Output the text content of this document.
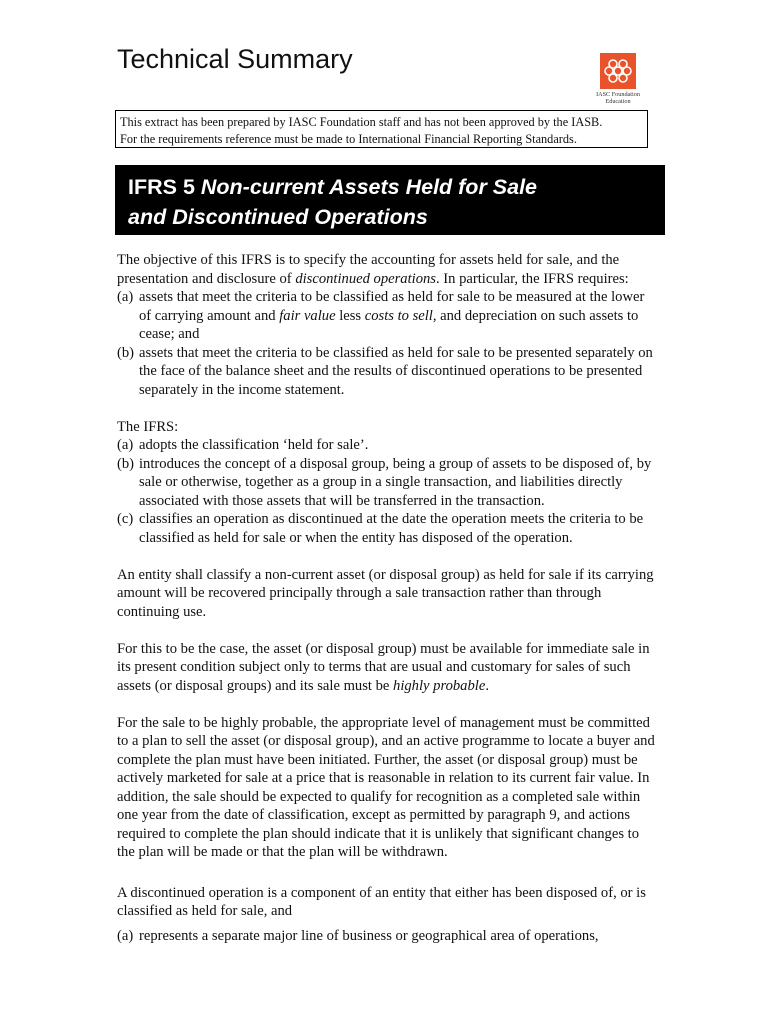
Technical Summary
IASC Foundation
Education
This extract has been prepared by IASC Foundation staff and has not been approved by the IASB.
For the requirements reference must be made to International Financial Reporting Standards.
IFRS 5 Non-current Assets Held for Sale
and Discontinued Operations

The objective of this IFRS is to specify the accounting for assets held for sale, and the presentation and disclosure of discontinued operations. In particular, the IFRS requires:

(a) assets that meet the criteria to be classified as held for sale to be measured at the lower of carrying amount and fair value less costs to sell, and depreciation on such assets to cease; and
(b) assets that meet the criteria to be classified as held for sale to be presented separately on the face of the balance sheet and the results of discontinued operations to be presented separately in the income statement.

The IFRS:

(a) adopts the classification ‘held for sale’.
(b) introduces the concept of a disposal group, being a group of assets to be disposed of, by sale or otherwise, together as a group in a single transaction, and liabilities directly associated with those assets that will be transferred in the transaction.
(c) classifies an operation as discontinued at the date the operation meets the criteria to be classified as held for sale or when the entity has disposed of the operation.

An entity shall classify a non-current asset (or disposal group) as held for sale if its carrying amount will be recovered principally through a sale transaction rather than through continuing use.

For this to be the case, the asset (or disposal group) must be available for immediate sale in its present condition subject only to terms that are usual and customary for sales of such assets (or disposal groups) and its sale must be highly probable.

For the sale to be highly probable, the appropriate level of management must be committed to a plan to sell the asset (or disposal group), and an active programme to locate a buyer and complete the plan must have been initiated. Further, the asset (or disposal group) must be actively marketed for sale at a price that is reasonable in relation to its current fair value. In addition, the sale should be expected to qualify for recognition as a completed sale within one year from the date of classification, except as permitted by paragraph 9, and actions required to complete the plan should indicate that it is unlikely that significant changes to the plan will be made or that the plan will be withdrawn.

A discontinued operation is a component of an entity that either has been disposed of, or is classified as held for sale, and

(a) represents a separate major line of business or geographical area of operations,
